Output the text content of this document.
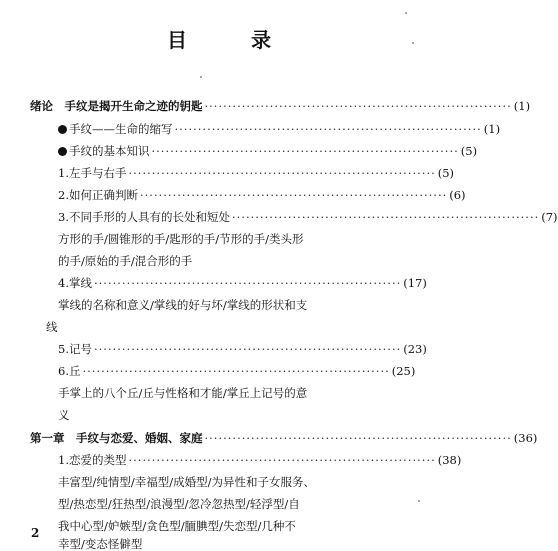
目　录
绪论　手纹是揭开生命之迹的钥匙 ·································································· (1)
手纹——生命的缩写 ·································································· (1)
手纹的基本知识 ·································································· (5)
1.左手与右手 ·································································· (5)
2.如何正确判断 ·································································· (6)
3.不同手形的人具有的长处和短处 ·································································· (7)
方形的手/圆锥形的手/匙形的手/节形的手/类头形
的手/原始的手/混合形的手
4.掌线 ·································································· (17)
掌线的名称和意义/掌线的好与坏/掌线的形状和支
线
5.记号 ·································································· (23)
6.丘 ·································································· (25)
手掌上的八个丘/丘与性格和才能/掌丘上记号的意
义
第一章　手纹与恋爱、婚姻、家庭 ·································································· (36)
1.恋爱的类型 ·································································· (38)
丰富型/纯情型/幸福型/成婚型/为异性和子女服务、
型/热恋型/狂热型/浪漫型/忽冷忽热型/轻浮型/自
我中心型/妒嫉型/贪色型/腼腆型/失恋型/几种不
幸型/变态怪僻型
2
